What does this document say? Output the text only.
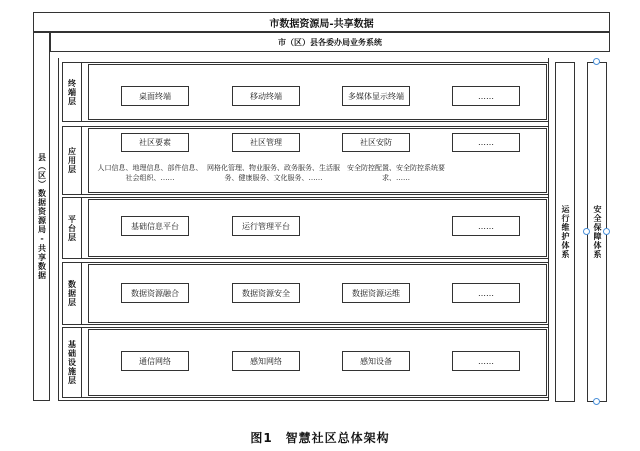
市数据资源局-共享数据
县（区）数据资源局-共享数据
市（区）县各委办局业务系统
终端层	桌面终端	移动终端	多媒体显示终端	……
应用层
社区要素	社区管理	社区安防	……
人口信息、地理信息、部件信息、社会组织、……
网格化管理、物业服务、政务服务、生活服务、健康服务、文化服务、……
安全防控配置、安全防控系统要求、……
平台层	基础信息平台	运行管理平台	……
数据层	数据资源融合	数据资源安全	数据资源运维	……
基础设施层	通信网络	感知网络	感知设备	……
运行维护体系	安全保障体系
图1　智慧社区总体架构
